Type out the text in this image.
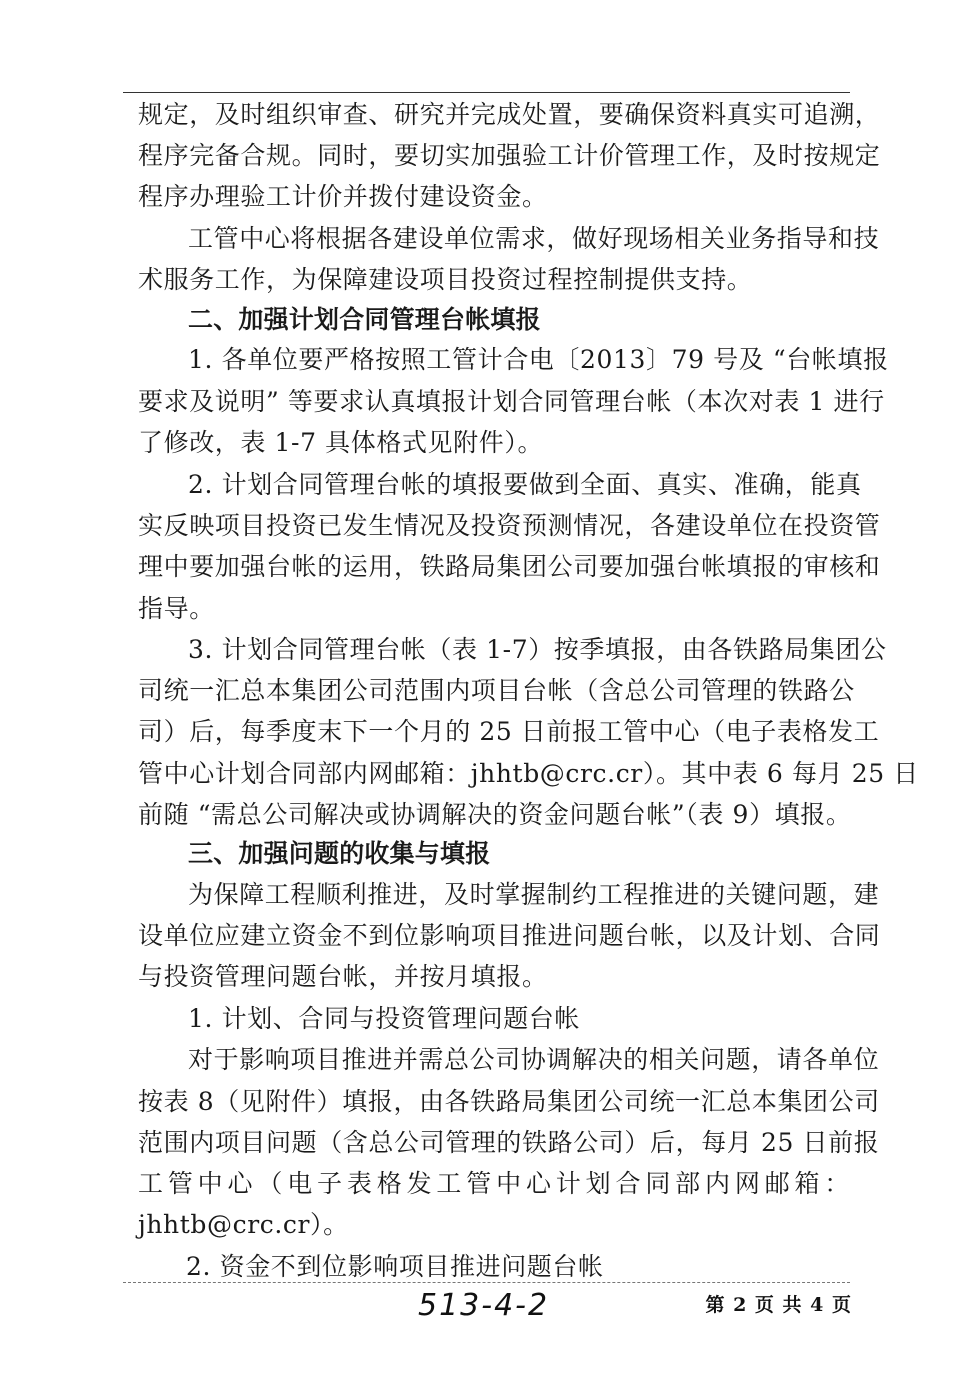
规定，及时组织审查、研究并完成处置，要确保资料真实可追溯，
程序完备合规。同时，要切实加强验工计价管理工作，及时按规定
程序办理验工计价并拨付建设资金。
工管中心将根据各建设单位需求，做好现场相关业务指导和技
术服务工作，为保障建设项目投资过程控制提供支持。
二、加强计划合同管理台帐填报
1. 各单位要严格按照工管计合电〔2013〕79 号及 “台帐填报
要求及说明” 等要求认真填报计划合同管理台帐（本次对表 1 进行
了修改，表 1-7 具体格式见附件）。
2. 计划合同管理台帐的填报要做到全面、真实、准确，能真
实反映项目投资已发生情况及投资预测情况，各建设单位在投资管
理中要加强台帐的运用，铁路局集团公司要加强台帐填报的审核和
指导。
3. 计划合同管理台帐（表 1-7）按季填报，由各铁路局集团公
司统一汇总本集团公司范围内项目台帐（含总公司管理的铁路公
司）后，每季度末下一个月的 25 日前报工管中心（电子表格发工
管中心计划合同部内网邮箱：jhhtb@crc.cr）。其中表 6 每月 25 日
前随 “需总公司解决或协调解决的资金问题台帐”（表 9）填报。
三、加强问题的收集与填报
为保障工程顺利推进，及时掌握制约工程推进的关键问题，建
设单位应建立资金不到位影响项目推进问题台帐，以及计划、合同
与投资管理问题台帐，并按月填报。
1. 计划、合同与投资管理问题台帐
对于影响项目推进并需总公司协调解决的相关问题，请各单位
按表 8（见附件）填报，由各铁路局集团公司统一汇总本集团公司
范围内项目问题（含总公司管理的铁路公司）后，每月 25 日前报
工管中心（电子表格发工管中心计划合同部内网邮箱：
jhhtb@crc.cr）。
2. 资金不到位影响项目推进问题台帐
513-4-2	第 2 页 共 4 页
